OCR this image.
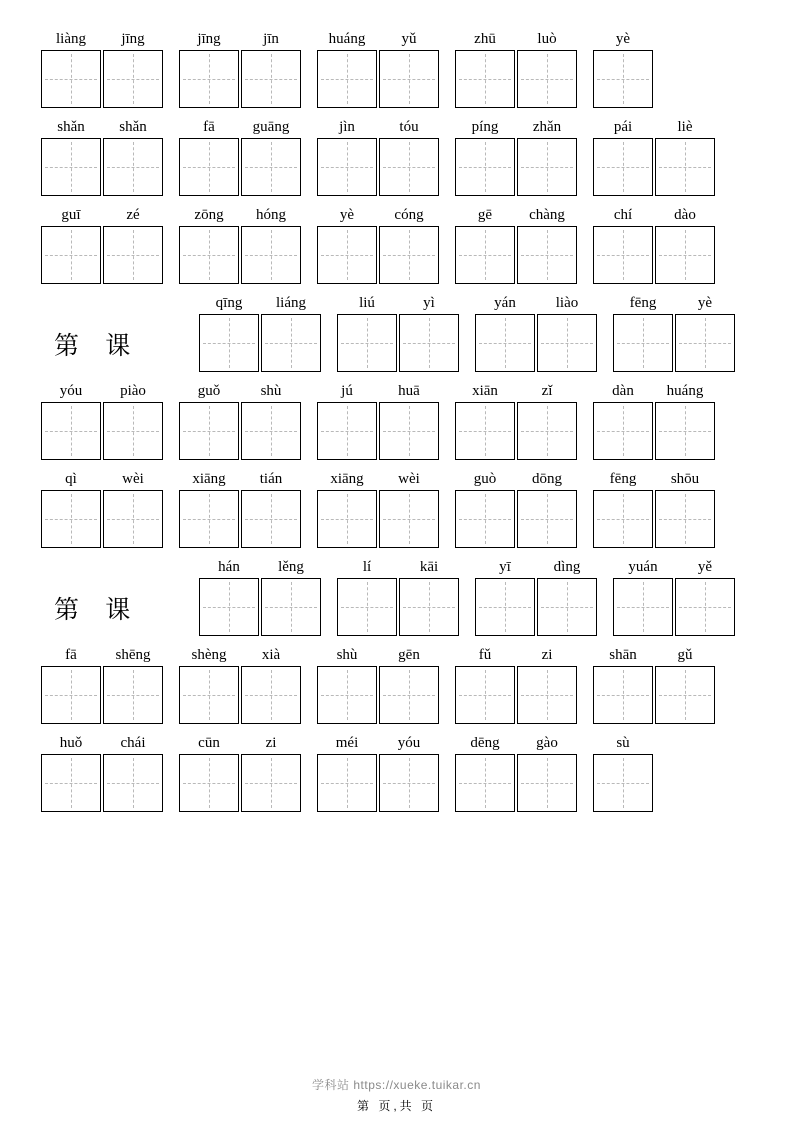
liàng jīng	jīng	jīn	huáng yǔ	zhū	luò	yè
shǎn shǎn	fā	guāng	jìn	tóu	píng zhǎn	pái	liè
guī	zé	zōng hóng	yè	cóng	gē chàng	chí	dào
第 课
qīng liáng	liú	yì	yán	liào	fēng	yè
yóu	piào	guǒ	shù	jú	huā	xiān	zǐ	dàn huáng
qì	wèi	xiāng tián	xiāng wèi	guò dōng	fēng shōu
第 课
hán	lěng	lí	kāi	yī	dìng	yuán	yě
fā	shēng	shèng xià	shù	gēn	fǔ	zi	shān	gǔ
huǒ	chái	cūn	zi	méi	yóu	dēng gào	sù
学科站 https://xueke.tuikar.cn
第 页,共 页
